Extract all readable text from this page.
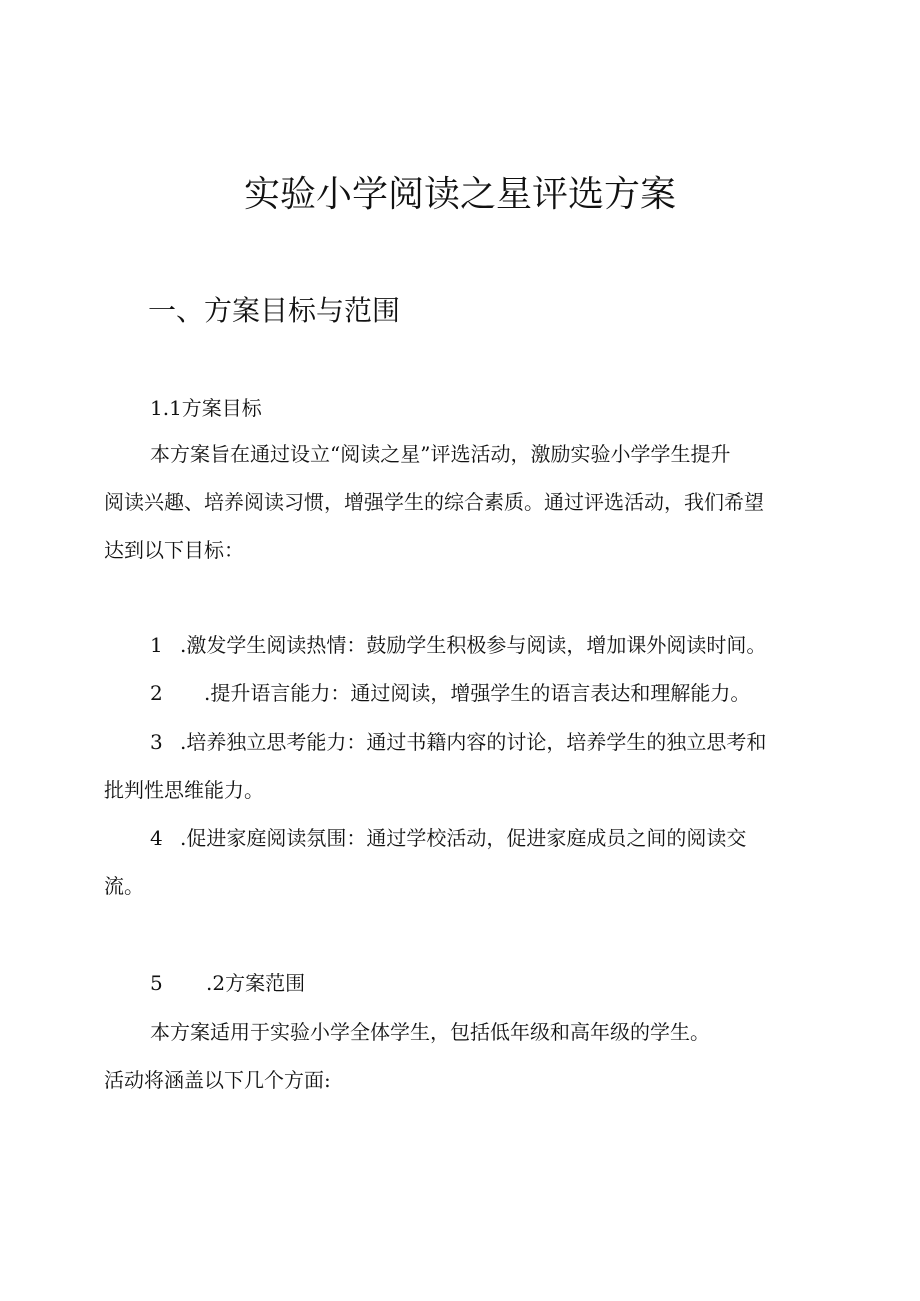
实验小学阅读之星评选方案
一、方案目标与范围
1.1方案目标
本方案旨在通过设立“阅读之星”评选活动，激励实验小学学生提升
阅读兴趣、培养阅读习惯，增强学生的综合素质。通过评选活动，我们希望
达到以下目标：
1 .激发学生阅读热情：鼓励学生积极参与阅读，增加课外阅读时间。
2 .提升语言能力：通过阅读，增强学生的语言表达和理解能力。
3 .培养独立思考能力：通过书籍内容的讨论，培养学生的独立思考和
批判性思维能力。
4 .促进家庭阅读氛围：通过学校活动，促进家庭成员之间的阅读交
流。
5 .2方案范围
本方案适用于实验小学全体学生，包括低年级和高年级的学生。
活动将涵盖以下几个方面:
